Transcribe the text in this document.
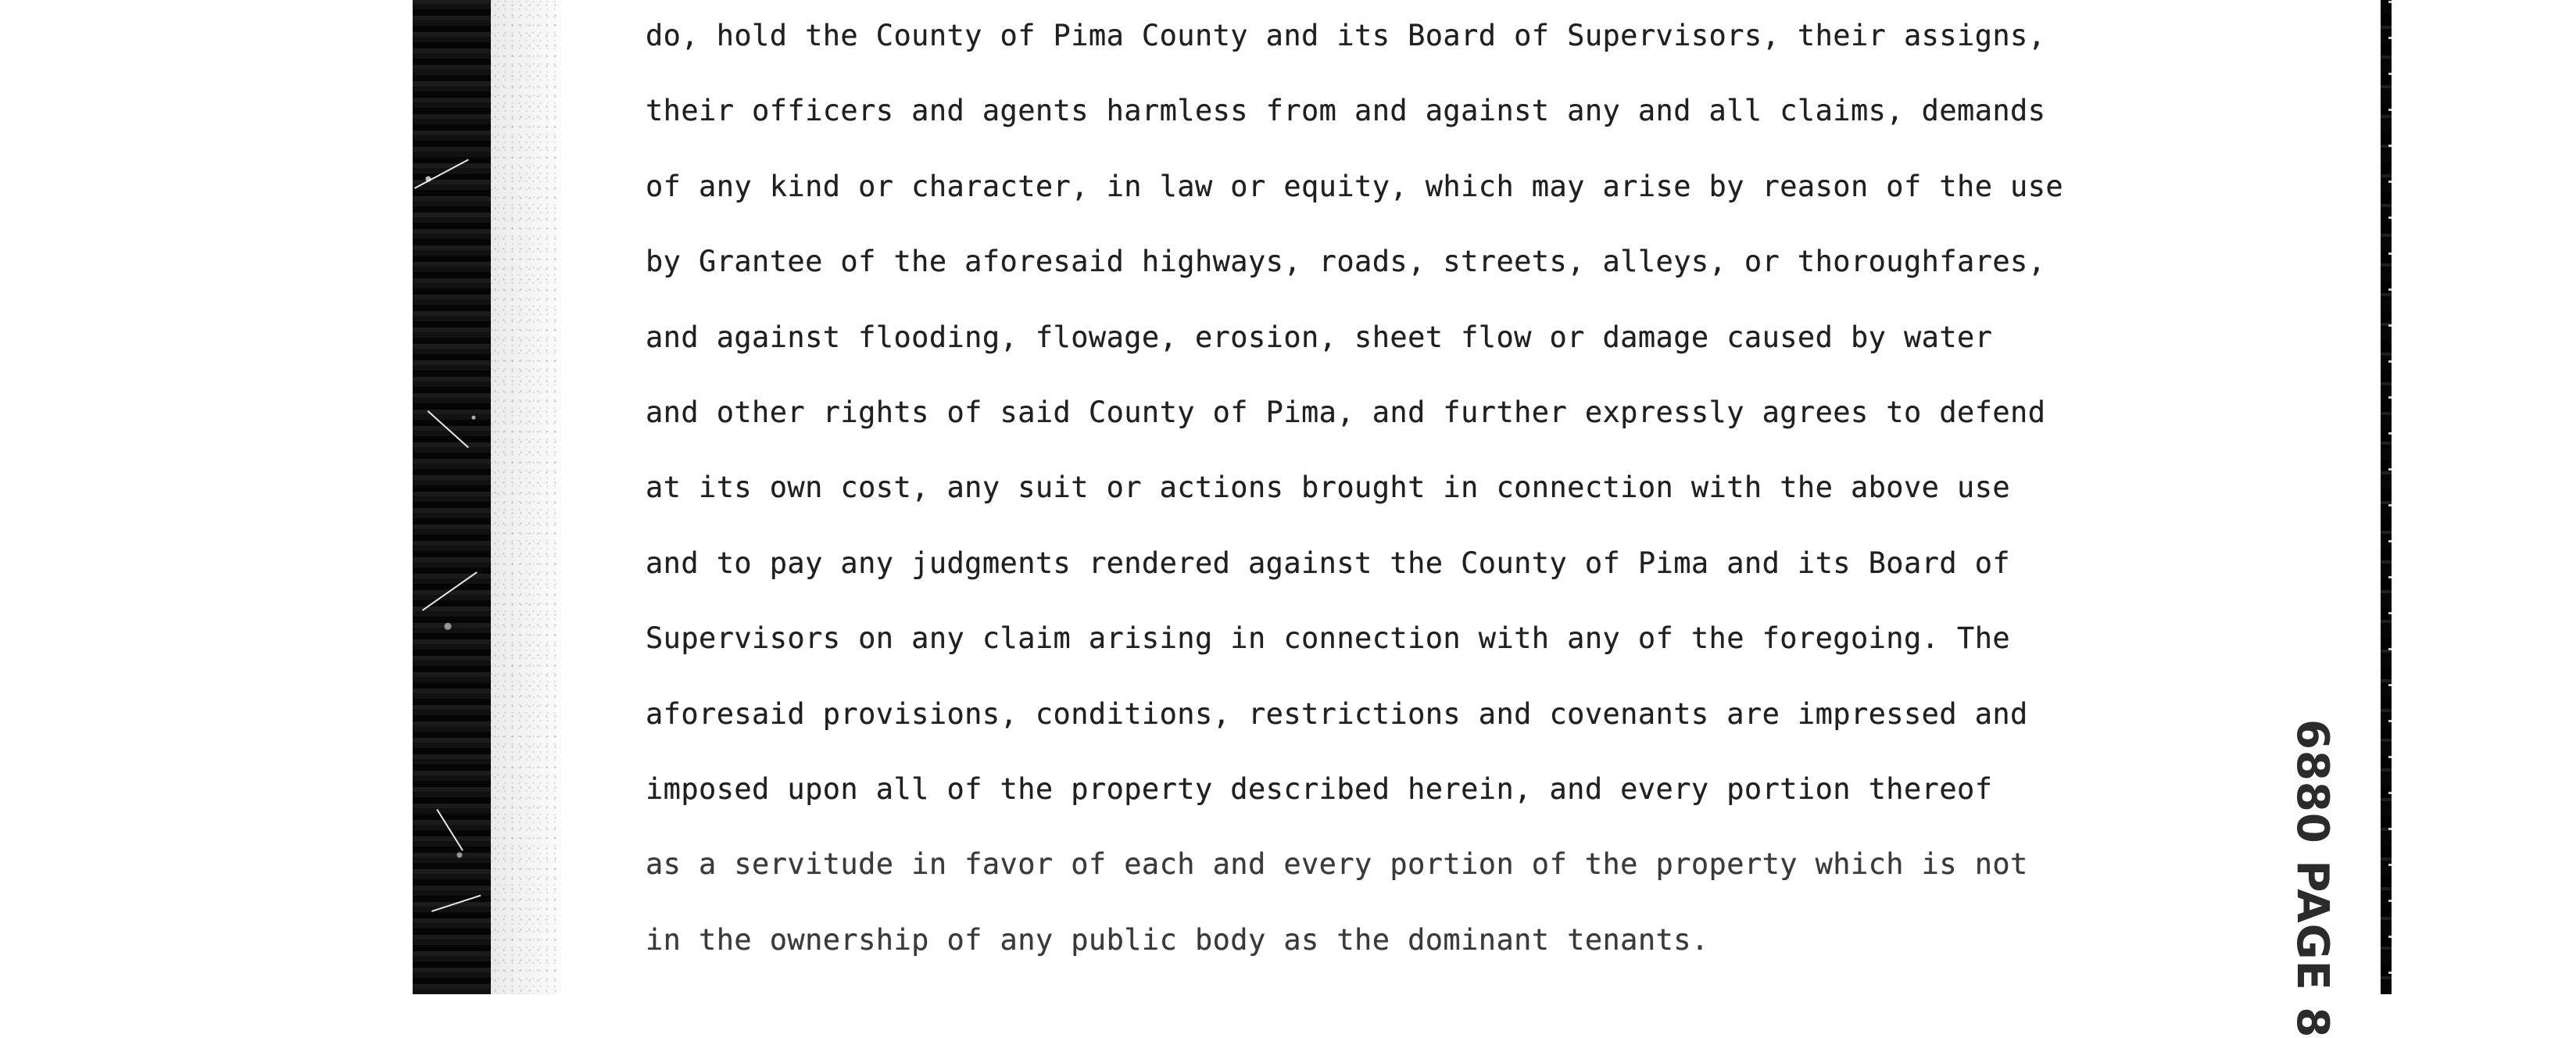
do, hold the County of Pima County and its Board of Supervisors, their assigns,
their officers and agents harmless from and against any and all claims, demands
of any kind or character, in law or equity, which may arise by reason of the use
by Grantee of the aforesaid highways, roads, streets, alleys, or thoroughfares,
and against flooding, flowage, erosion, sheet flow or damage caused by water
and other rights of said County of Pima, and further expressly agrees to defend
at its own cost, any suit or actions brought in connection with the above use
and to pay any judgments rendered against the County of Pima and its Board of
Supervisors on any claim arising in connection with any of the foregoing. The
aforesaid provisions, conditions, restrictions and covenants are impressed and
imposed upon all of the property described herein, and every portion thereof
as a servitude in favor of each and every portion of the property which is not
in the ownership of any public body as the dominant tenants.	6880 PAGE 8
